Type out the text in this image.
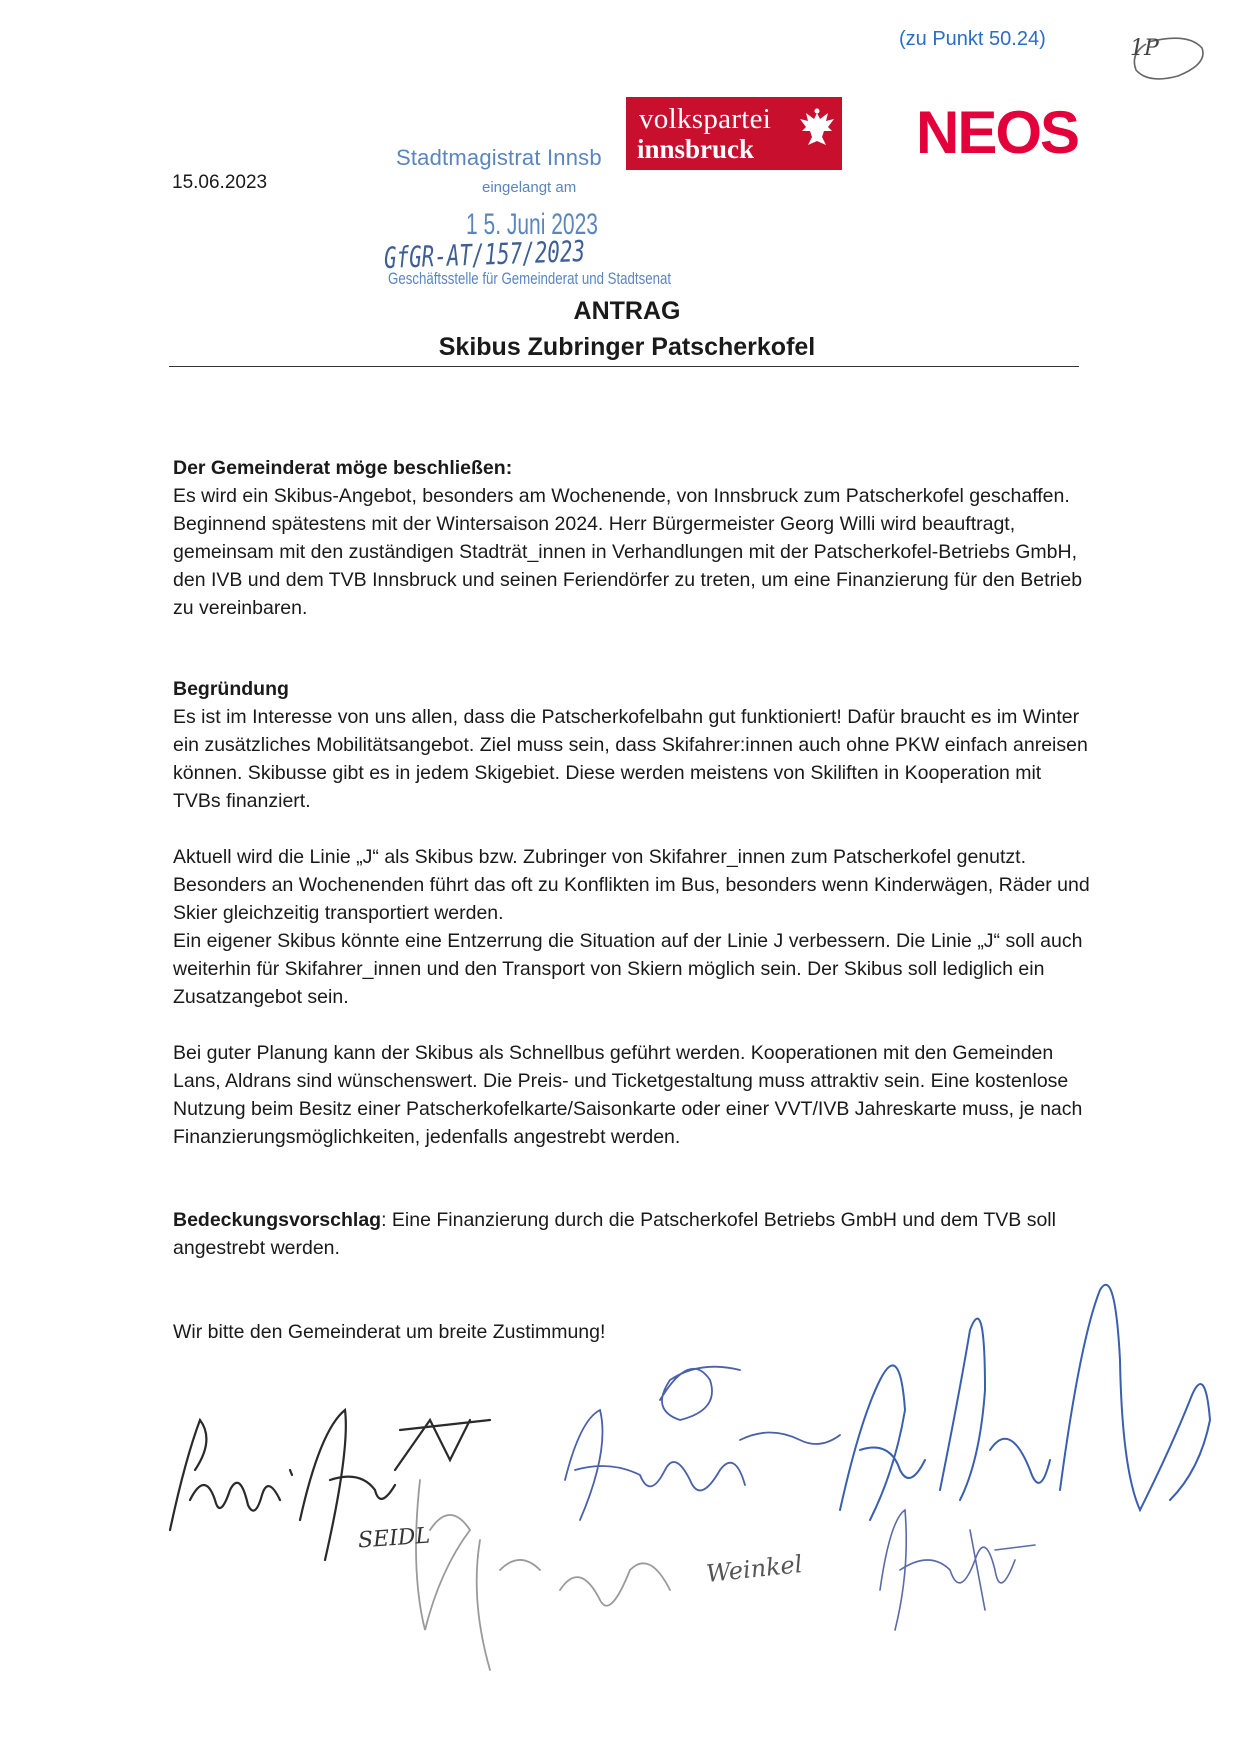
(zu Punkt 50.24)	1P
volkspartei
innsbruck	NEOS
15.06.2023
Stadtmagistrat Innsb
eingelangt am
1 5. Juni 2023
GfGR-AT/157/2023
Geschäftsstelle für Gemeinderat und Stadtsenat
ANTRAG
Skibus Zubringer Patscherkofel
Der Gemeinderat möge beschließen:
Es wird ein Skibus-Angebot, besonders am Wochenende, von Innsbruck zum Patscherkofel geschaffen. Beginnend spätestens mit der Wintersaison 2024. Herr Bürgermeister Georg Willi wird beauftragt, gemeinsam mit den zuständigen Stadträt_innen in Verhandlungen mit der Patscherkofel-Betriebs GmbH, den IVB und dem TVB Innsbruck und seinen Feriendörfer zu treten, um eine Finanzierung für den Betrieb zu vereinbaren.
Begründung
Es ist im Interesse von uns allen, dass die Patscherkofelbahn gut funktioniert! Dafür braucht es im Winter ein zusätzliches Mobilitätsangebot. Ziel muss sein, dass Skifahrer:innen auch ohne PKW einfach anreisen können. Skibusse gibt es in jedem Skigebiet. Diese werden meistens von Skiliften in Kooperation mit TVBs finanziert.
Aktuell wird die Linie „J“ als Skibus bzw. Zubringer von Skifahrer_innen zum Patscherkofel genutzt. Besonders an Wochenenden führt das oft zu Konflikten im Bus, besonders wenn Kinderwägen, Räder und Skier gleichzeitig transportiert werden.
Ein eigener Skibus könnte eine Entzerrung die Situation auf der Linie J verbessern. Die Linie „J“ soll auch weiterhin für Skifahrer_innen und den Transport von Skiern möglich sein. Der Skibus soll lediglich ein Zusatzangebot sein.
Bei guter Planung kann der Skibus als Schnellbus geführt werden. Kooperationen mit den Gemeinden Lans, Aldrans sind wünschenswert. Die Preis- und Ticketgestaltung muss attraktiv sein. Eine kostenlose Nutzung beim Besitz einer Patscherkofelkarte/Saisonkarte oder einer VVT/IVB Jahreskarte muss, je nach Finanzierungsmöglichkeiten, jedenfalls angestrebt werden.
Bedeckungsvorschlag: Eine Finanzierung durch die Patscherkofel Betriebs GmbH und dem TVB soll angestrebt werden.
Wir bitte den Gemeinderat um breite Zustimmung!
SEIDL
Weinkel
